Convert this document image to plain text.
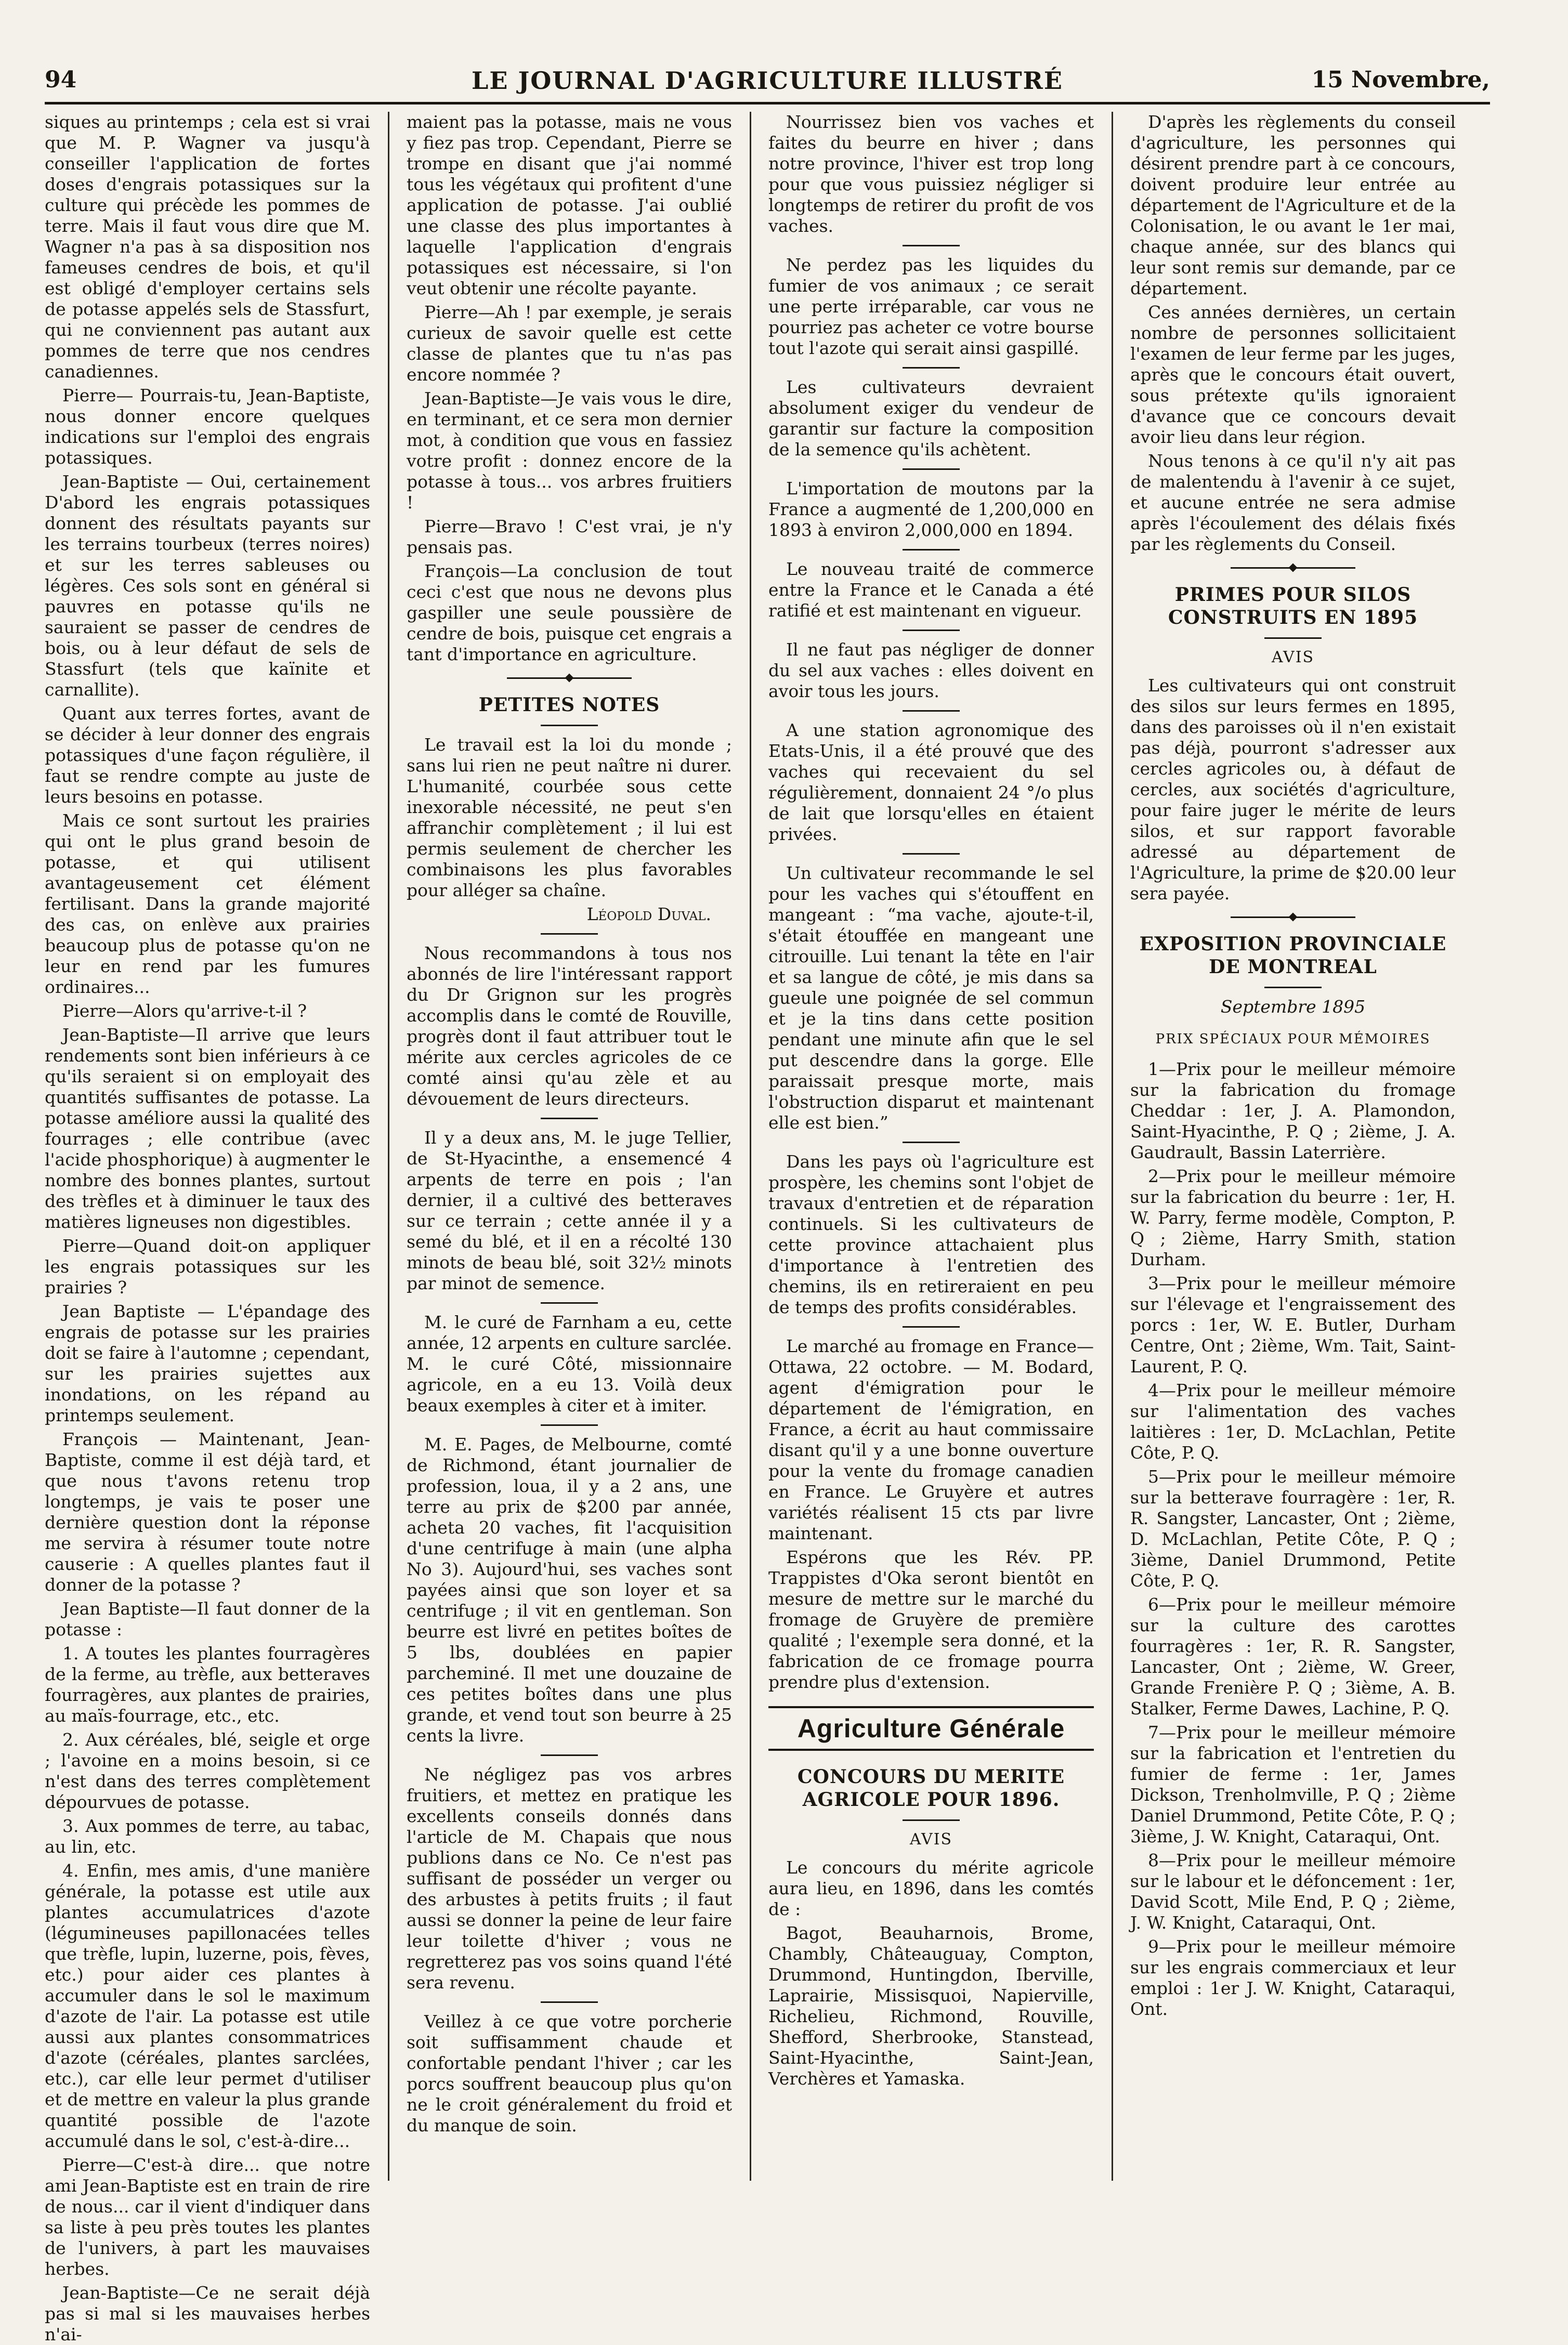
94	LE JOURNAL D'AGRICULTURE ILLUSTRÉ	15 Novembre,

siques au printemps ; cela est si vrai que M. P. Wagner va jusqu'à conseiller l'application de fortes doses d'engrais potassiques sur la culture qui précède les pommes de terre. Mais il faut vous dire que M. Wagner n'a pas à sa disposition nos fameuses cendres de bois, et qu'il est obligé d'employer certains sels de potasse appelés sels de Stassfurt, qui ne conviennent pas autant aux pommes de terre que nos cendres canadiennes.

Pierre— Pourrais-tu, Jean-Baptiste, nous donner encore quelques indications sur l'emploi des engrais potassiques.

Jean-Baptiste — Oui, certainement D'abord les engrais potassiques donnent des résultats payants sur les terrains tourbeux (terres noires) et sur les terres sableuses ou légères. Ces sols sont en général si pauvres en potasse qu'ils ne sauraient se passer de cendres de bois, ou à leur défaut de sels de Stassfurt (tels que kaïnite et carnallite).

Quant aux terres fortes, avant de se décider à leur donner des engrais potassiques d'une façon régulière, il faut se rendre compte au juste de leurs besoins en potasse.

Mais ce sont surtout les prairies qui ont le plus grand besoin de potasse, et qui utilisent avantageusement cet élément fertilisant. Dans la grande majorité des cas, on enlève aux prairies beaucoup plus de potasse qu'on ne leur en rend par les fumures ordinaires...

Pierre—Alors qu'arrive-t-il ?

Jean-Baptiste—Il arrive que leurs rendements sont bien inférieurs à ce qu'ils seraient si on employait des quantités suffisantes de potasse. La potasse améliore aussi la qualité des fourrages ; elle contribue (avec l'acide phosphorique) à augmenter le nombre des bonnes plantes, surtout des trèfles et à diminuer le taux des matières ligneuses non digestibles.

Pierre—Quand doit-on appliquer les engrais potassiques sur les prairies ?

Jean Baptiste — L'épandage des engrais de potasse sur les prairies doit se faire à l'automne ; cependant, sur les prairies sujettes aux inondations, on les répand au printemps seulement.

François — Maintenant, Jean-Baptiste, comme il est déjà tard, et que nous t'avons retenu trop longtemps, je vais te poser une dernière question dont la réponse me servira à résumer toute notre causerie : A quelles plantes faut il donner de la potasse ?

Jean Baptiste—Il faut donner de la potasse :

1. A toutes les plantes fourragères de la ferme, au trèfle, aux betteraves fourragères, aux plantes de prairies, au maïs-fourrage, etc., etc.

2. Aux céréales, blé, seigle et orge ; l'avoine en a moins besoin, si ce n'est dans des terres complètement dépourvues de potasse.

3. Aux pommes de terre, au tabac, au lin, etc.

4. Enfin, mes amis, d'une manière générale, la potasse est utile aux plantes accumulatrices d'azote (légumineuses papillonacées telles que trèfle, lupin, luzerne, pois, fèves, etc.) pour aider ces plantes à accumuler dans le sol le maximum d'azote de l'air. La potasse est utile aussi aux plantes consommatrices d'azote (céréales, plantes sarclées, etc.), car elle leur permet d'utiliser et de mettre en valeur la plus grande quantité possible de l'azote accumulé dans le sol, c'est-à-dire...

Pierre—C'est-à dire... que notre ami Jean-Baptiste est en train de rire de nous... car il vient d'indiquer dans sa liste à peu près toutes les plantes de l'univers, à part les mauvaises herbes.

Jean-Baptiste—Ce ne serait déjà pas si mal si les mauvaises herbes n'ai-

maient pas la potasse, mais ne vous y fiez pas trop. Cependant, Pierre se trompe en disant que j'ai nommé tous les végétaux qui profitent d'une application de potasse. J'ai oublié une classe des plus importantes à laquelle l'application d'engrais potassiques est nécessaire, si l'on veut obtenir une récolte payante.

Pierre—Ah ! par exemple, je serais curieux de savoir quelle est cette classe de plantes que tu n'as pas encore nommée ?

Jean-Baptiste—Je vais vous le dire, en terminant, et ce sera mon dernier mot, à condition que vous en fassiez votre profit : donnez encore de la potasse à tous... vos arbres fruitiers !

Pierre—Bravo ! C'est vrai, je n'y pensais pas.

François—La conclusion de tout ceci c'est que nous ne devons plus gaspiller une seule poussière de cendre de bois, puisque cet engrais a tant d'importance en agriculture.

PETITES NOTES

Le travail est la loi du monde ; sans lui rien ne peut naître ni durer. L'humanité, courbée sous cette inexorable nécessité, ne peut s'en affranchir complètement ; il lui est permis seulement de chercher les combinaisons les plus favorables pour alléger sa chaîne.

Léopold Duval.

Nous recommandons à tous nos abonnés de lire l'intéressant rapport du Dr Grignon sur les progrès accomplis dans le comté de Rouville, progrès dont il faut attribuer tout le mérite aux cercles agricoles de ce comté ainsi qu'au zèle et au dévouement de leurs directeurs.

Il y a deux ans, M. le juge Tellier, de St-Hyacinthe, a ensemencé 4 arpents de terre en pois ; l'an dernier, il a cultivé des betteraves sur ce terrain ; cette année il y a semé du blé, et il en a récolté 130 minots de beau blé, soit 32½ minots par minot de semence.

M. le curé de Farnham a eu, cette année, 12 arpents en culture sarclée. M. le curé Côté, missionnaire agricole, en a eu 13. Voilà deux beaux exemples à citer et à imiter.

M. E. Pages, de Melbourne, comté de Richmond, étant journalier de profession, loua, il y a 2 ans, une terre au prix de $200 par année, acheta 20 vaches, fit l'acquisition d'une centrifuge à main (une alpha No 3). Aujourd'hui, ses vaches sont payées ainsi que son loyer et sa centrifuge ; il vit en gentleman. Son beurre est livré en petites boîtes de 5 lbs, doublées en papier parcheminé. Il met une douzaine de ces petites boîtes dans une plus grande, et vend tout son beurre à 25 cents la livre.

Ne négligez pas vos arbres fruitiers, et mettez en pratique les excellents conseils donnés dans l'article de M. Chapais que nous publions dans ce No. Ce n'est pas suffisant de posséder un verger ou des arbustes à petits fruits ; il faut aussi se donner la peine de leur faire leur toilette d'hiver ; vous ne regretterez pas vos soins quand l'été sera revenu.

Veillez à ce que votre porcherie soit suffisamment chaude et confortable pendant l'hiver ; car les porcs souffrent beaucoup plus qu'on ne le croit généralement du froid et du manque de soin.

Nourrissez bien vos vaches et faites du beurre en hiver ; dans notre province, l'hiver est trop long pour que vous puissiez négliger si longtemps de retirer du profit de vos vaches.

Ne perdez pas les liquides du fumier de vos animaux ; ce serait une perte irréparable, car vous ne pourriez pas acheter ce votre bourse tout l'azote qui serait ainsi gaspillé.

Les cultivateurs devraient absolument exiger du vendeur de garantir sur facture la composition de la semence qu'ils achètent.

L'importation de moutons par la France a augmenté de 1,200,000 en 1893 à environ 2,000,000 en 1894.

Le nouveau traité de commerce entre la France et le Canada a été ratifié et est maintenant en vigueur.

Il ne faut pas négliger de donner du sel aux vaches : elles doivent en avoir tous les jours.

A une station agronomique des Etats-Unis, il a été prouvé que des vaches qui recevaient du sel régulièrement, donnaient 24 °/o plus de lait que lorsqu'elles en étaient privées.

Un cultivateur recommande le sel pour les vaches qui s'étouffent en mangeant : “ma vache, ajoute-t-il, s'était étouffée en mangeant une citrouille. Lui tenant la tête en l'air et sa langue de côté, je mis dans sa gueule une poignée de sel commun et je la tins dans cette position pendant une minute afin que le sel put descendre dans la gorge. Elle paraissait presque morte, mais l'obstruction disparut et maintenant elle est bien.”

Dans les pays où l'agriculture est prospère, les chemins sont l'objet de travaux d'entretien et de réparation continuels. Si les cultivateurs de cette province attachaient plus d'importance à l'entretien des chemins, ils en retireraient en peu de temps des profits considérables.

Le marché au fromage en France— Ottawa, 22 octobre. — M. Bodard, agent d'émigration pour le département de l'émigration, en France, a écrit au haut commissaire disant qu'il y a une bonne ouverture pour la vente du fromage canadien en France. Le Gruyère et autres variétés réalisent 15 cts par livre maintenant.

Espérons que les Rév. PP. Trappistes d'Oka seront bientôt en mesure de mettre sur le marché du fromage de Gruyère de première qualité ; l'exemple sera donné, et la fabrication de ce fromage pourra prendre plus d'extension.

Agriculture Générale
CONCOURS DU MERITE AGRICOLE POUR 1896.
AVIS

Le concours du mérite agricole aura lieu, en 1896, dans les comtés de :

Bagot, Beauharnois, Brome, Chambly, Châteauguay, Compton, Drummond, Huntingdon, Iberville, Laprairie, Missisquoi, Napierville, Richelieu, Richmond, Rouville, Shefford, Sherbrooke, Stanstead, Saint-Hyacinthe, Saint-Jean, Verchères et Yamaska.

D'après les règlements du conseil d'agriculture, les personnes qui désirent prendre part à ce concours, doivent produire leur entrée au département de l'Agriculture et de la Colonisation, le ou avant le 1er mai, chaque année, sur des blancs qui leur sont remis sur demande, par ce département.

Ces années dernières, un certain nombre de personnes sollicitaient l'examen de leur ferme par les juges, après que le concours était ouvert, sous prétexte qu'ils ignoraient d'avance que ce concours devait avoir lieu dans leur région.

Nous tenons à ce qu'il n'y ait pas de malentendu à l'avenir à ce sujet, et aucune entrée ne sera admise après l'écoulement des délais fixés par les règlements du Conseil.

PRIMES POUR SILOS CONSTRUITS EN 1895
AVIS

Les cultivateurs qui ont construit des silos sur leurs fermes en 1895, dans des paroisses où il n'en existait pas déjà, pourront s'adresser aux cercles agricoles ou, à défaut de cercles, aux sociétés d'agriculture, pour faire juger le mérite de leurs silos, et sur rapport favorable adressé au département de l'Agriculture, la prime de $20.00 leur sera payée.

EXPOSITION PROVINCIALE DE MONTREAL
Septembre 1895
PRIX SPÉCIAUX POUR MÉMOIRES

1—Prix pour le meilleur mémoire sur la fabrication du fromage Cheddar : 1er, J. A. Plamondon, Saint-Hyacinthe, P. Q ; 2ième, J. A. Gaudrault, Bassin Laterrière.

2—Prix pour le meilleur mémoire sur la fabrication du beurre : 1er, H. W. Parry, ferme modèle, Compton, P. Q ; 2ième, Harry Smith, station Durham.

3—Prix pour le meilleur mémoire sur l'élevage et l'engraissement des porcs : 1er, W. E. Butler, Durham Centre, Ont ; 2ième, Wm. Tait, Saint-Laurent, P. Q.

4—Prix pour le meilleur mémoire sur l'alimentation des vaches laitières : 1er, D. McLachlan, Petite Côte, P. Q.

5—Prix pour le meilleur mémoire sur la betterave fourragère : 1er, R. R. Sangster, Lancaster, Ont ; 2ième, D. McLachlan, Petite Côte, P. Q ; 3ième, Daniel Drummond, Petite Côte, P. Q.

6—Prix pour le meilleur mémoire sur la culture des carottes fourragères : 1er, R. R. Sangster, Lancaster, Ont ; 2ième, W. Greer, Grande Frenière P. Q ; 3ième, A. B. Stalker, Ferme Dawes, Lachine, P. Q.

7—Prix pour le meilleur mémoire sur la fabrication et l'entretien du fumier de ferme : 1er, James Dickson, Trenholmville, P. Q ; 2ième Daniel Drummond, Petite Côte, P. Q ; 3ième, J. W. Knight, Cataraqui, Ont.

8—Prix pour le meilleur mémoire sur le labour et le défoncement : 1er, David Scott, Mile End, P. Q ; 2ième, J. W. Knight, Cataraqui, Ont.

9—Prix pour le meilleur mémoire sur les engrais commerciaux et leur emploi : 1er J. W. Knight, Cataraqui, Ont.
